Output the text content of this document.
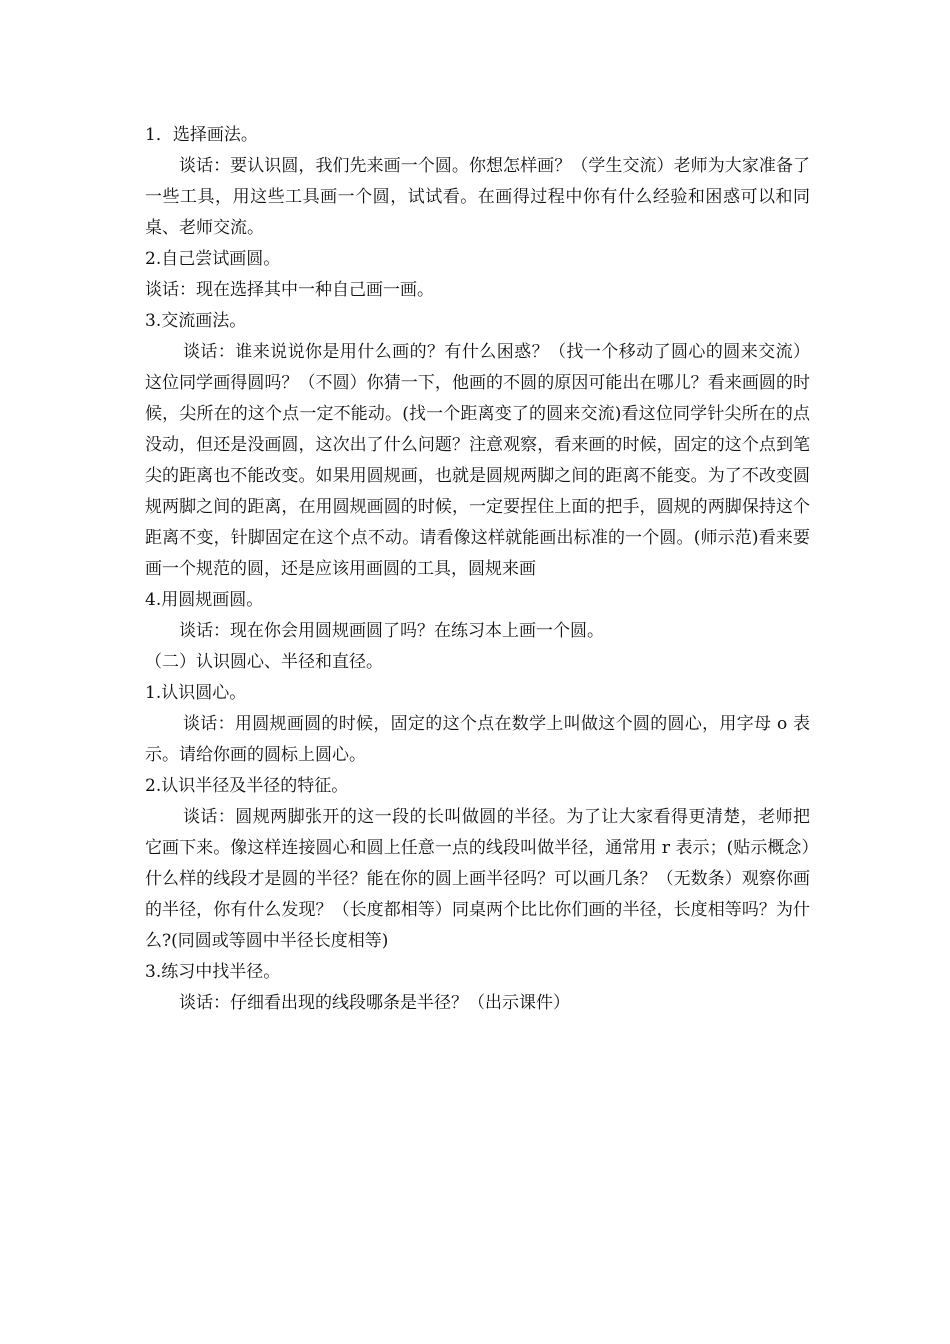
1．选择画法。

谈话：要认识圆，我们先来画一个圆。你想怎样画？（学生交流）老师为大家准备了一些工具，用这些工具画一个圆，试试看。在画得过程中你有什么经验和困惑可以和同桌、老师交流。

2.自己尝试画圆。
谈话：现在选择其中一种自己画一画。
3.交流画法。

谈话：谁来说说你是用什么画的？有什么困惑？（找一个移动了圆心的圆来交流）这位同学画得圆吗？（不圆）你猜一下，他画的不圆的原因可能出在哪儿？看来画圆的时候，尖所在的这个点一定不能动。(找一个距离变了的圆来交流)看这位同学针尖所在的点没动，但还是没画圆，这次出了什么问题？注意观察，看来画的时候，固定的这个点到笔尖的距离也不能改变。如果用圆规画，也就是圆规两脚之间的距离不能变。为了不改变圆规两脚之间的距离，在用圆规画圆的时候，一定要捏住上面的把手，圆规的两脚保持这个距离不变，针脚固定在这个点不动。请看像这样就能画出标准的一个圆。(师示范)看来要画一个规范的圆，还是应该用画圆的工具，圆规来画

4.用圆规画圆。
谈话：现在你会用圆规画圆了吗？在练习本上画一个圆。
（二）认识圆心、半径和直径。
1.认识圆心。

谈话：用圆规画圆的时候，固定的这个点在数学上叫做这个圆的圆心，用字母 o 表示。请给你画的圆标上圆心。

2.认识半径及半径的特征。

谈话：圆规两脚张开的这一段的长叫做圆的半径。为了让大家看得更清楚，老师把它画下来。像这样连接圆心和圆上任意一点的线段叫做半径，通常用 r 表示；(贴示概念）什么样的线段才是圆的半径？能在你的圆上画半径吗？可以画几条？（无数条）观察你画的半径，你有什么发现？（长度都相等）同桌两个比比你们画的半径，长度相等吗？为什么?(同圆或等圆中半径长度相等)

3.练习中找半径。
谈话：仔细看出现的线段哪条是半径？（出示课件）
